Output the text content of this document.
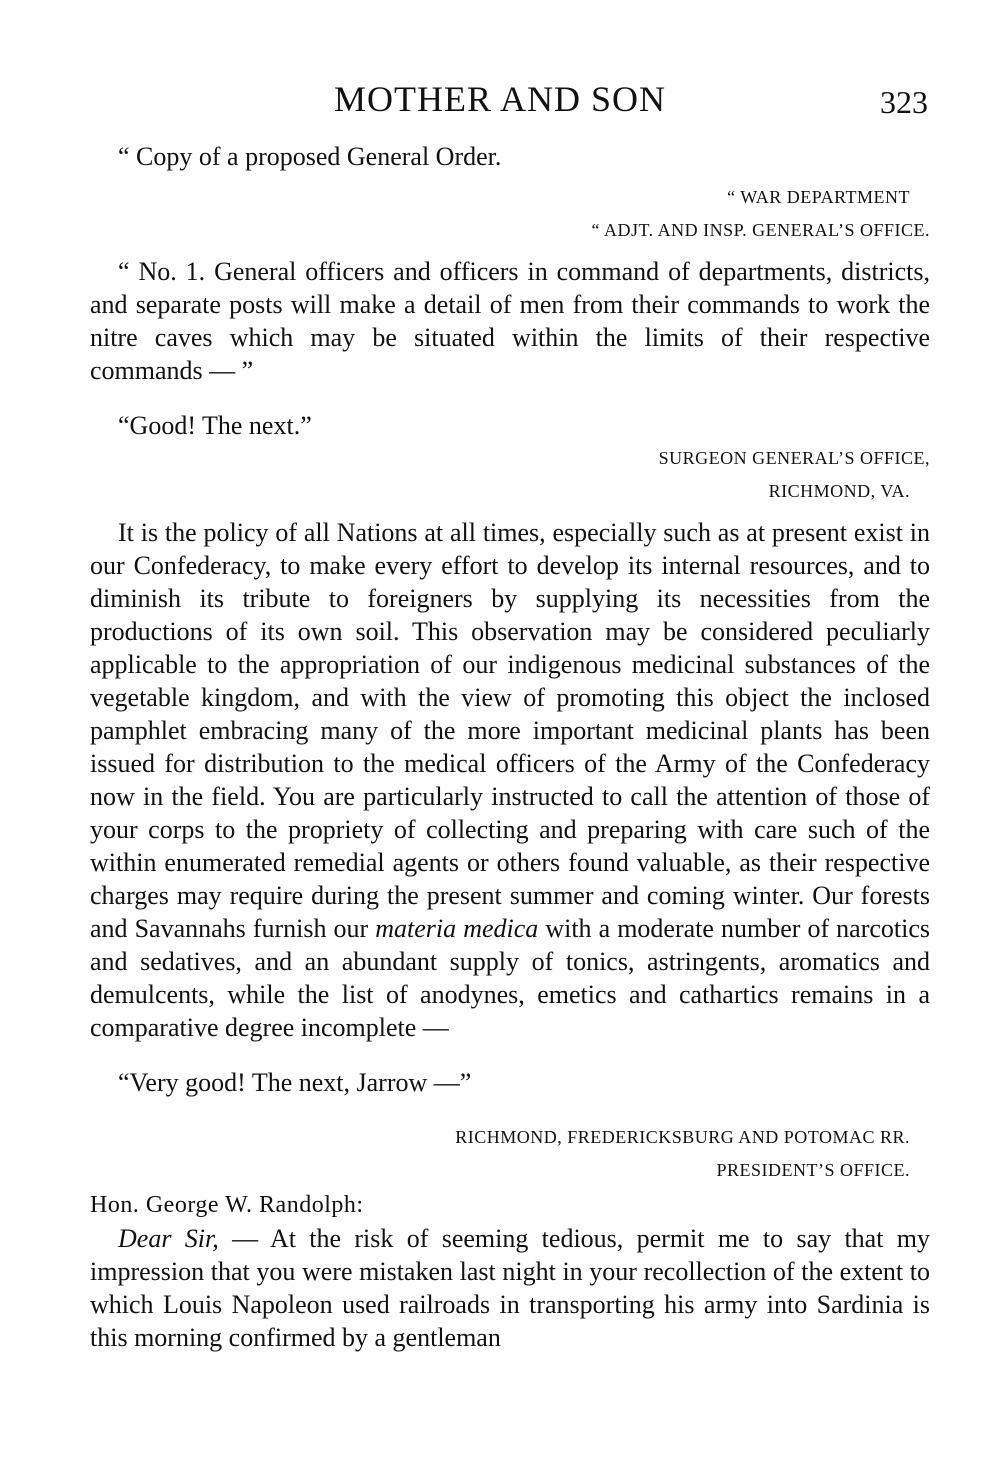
MOTHER AND SON	323

“ Copy of a proposed General Order.

“ WAR DEPARTMENT

“ ADJT. AND INSP. GENERAL’S OFFICE.

“ No. 1. General officers and officers in command of departments, districts, and separate posts will make a detail of men from their commands to work the nitre caves which may be situated within the limits of their respective commands — ”

“Good! The next.”

SURGEON GENERAL’S OFFICE,

RICHMOND, VA.

It is the policy of all Nations at all times, especially such as at present exist in our Confederacy, to make every effort to develop its internal resources, and to diminish its tribute to foreigners by supplying its necessities from the productions of its own soil. This observation may be considered peculiarly applicable to the appropriation of our indigenous medicinal substances of the vegetable kingdom, and with the view of promoting this object the inclosed pamphlet embracing many of the more important medicinal plants has been issued for distribution to the medical officers of the Army of the Confederacy now in the field. You are particularly instructed to call the attention of those of your corps to the propriety of collecting and preparing with care such of the within enumerated remedial agents or others found valuable, as their respective charges may require during the present summer and coming winter. Our forests and Savannahs furnish our materia medica with a moderate number of narcotics and sedatives, and an abundant supply of tonics, astringents, aromatics and demulcents, while the list of anodynes, emetics and cathartics remains in a comparative degree incomplete —

“Very good! The next, Jarrow —”

RICHMOND, FREDERICKSBURG AND POTOMAC RR.

PRESIDENT’S OFFICE.

Hon. George W. Randolph:

Dear Sir, — At the risk of seeming tedious, permit me to say that my impression that you were mistaken last night in your recollection of the extent to which Louis Napoleon used railroads in transporting his army into Sardinia is this morning confirmed by a gentleman
